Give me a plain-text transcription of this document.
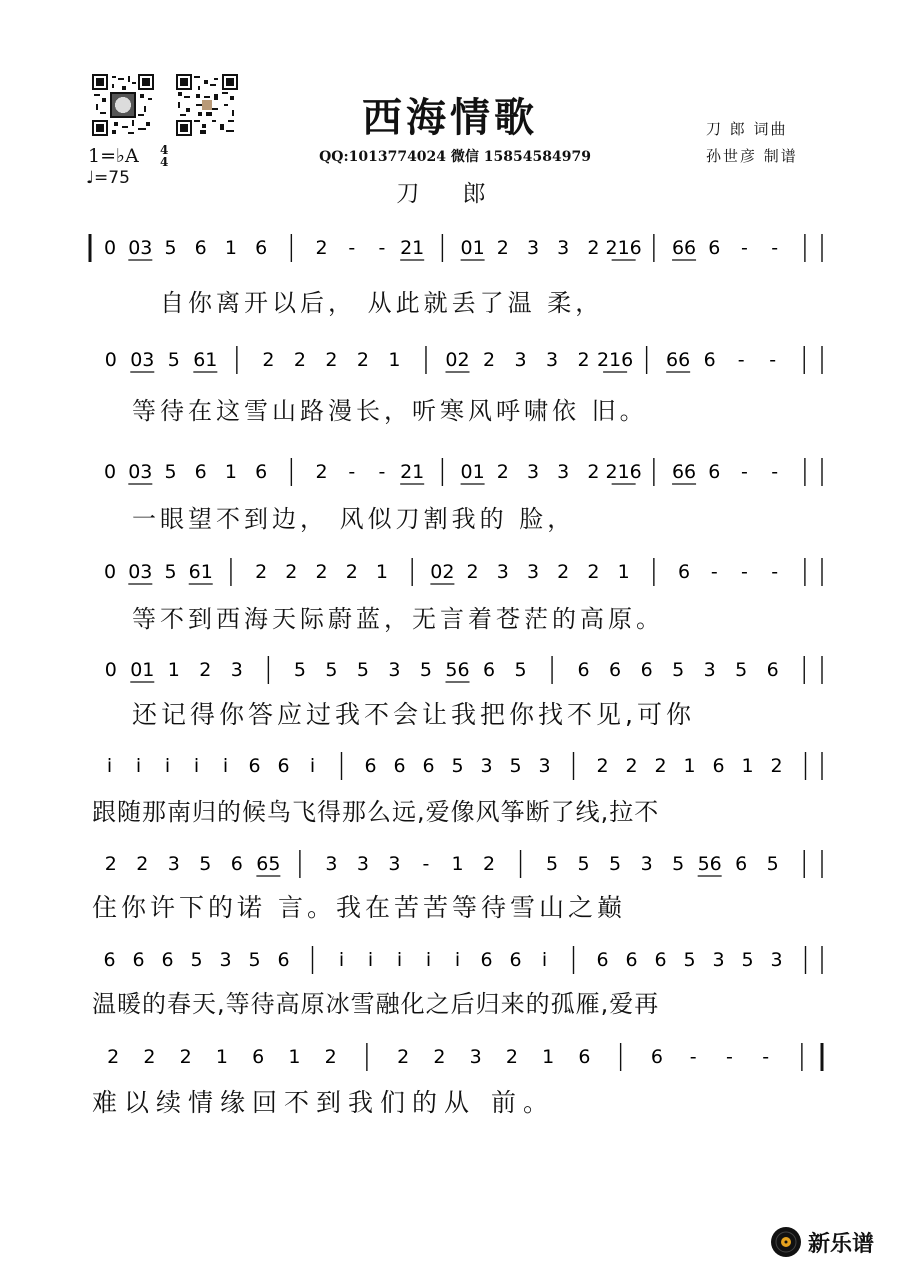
西海情歌
QQ:1013774024 微信 15854584979
刀 郎
刀 郎 词曲
孙世彦 制谱
1=♭A 4
4
♩=75
0 03 5 6 1 6	2 - - 21 01 2 3 3 2 216 66 6 - -
0 03 5 61 2 2 2 2 1 02 2 3 3 2 216 66 6 - -
0 03 5 6 1 6	2 - - 21 01 2 3 3 2 216 66 6 - -
0 03 5 61 2 2 2 2 1 02 2 3 3 2 2 1	6 - - -
0 01 1 2 3	5 5 5 3 5 56 6 5	6 6 6 5 3 5 6
i i i i i 6 6 i	6 6 6 5 3 5 3 2 2 2 1 6 1 2
2 2 3 5 6 65 3 3 3 - 1 2	5 5 5 3 5 56 6 5
6 6 6 5 3 5 6	i i i i i 6 6 i	6 6 6 5 3 5 3
2 2 2 1 6 1 2	2 2 3 2 1 6	6 - - -
自你离开以后， 从此就丢了温 柔，
等待在这雪山路漫长，听寒风呼啸依 旧。
一眼望不到边， 风似刀割我的 脸，
等不到西海天际蔚蓝，无言着苍茫的高原。
还记得你答应过我不会让我把你找不见,可你
跟随那南归的候鸟飞得那么远,爱像风筝断了线,拉不
住你许下的诺 言。我在苦苦等待雪山之巅
温暖的春天,等待高原冰雪融化之后归来的孤雁,爱再
难以续情缘回不到我们的从 前。
新乐谱
